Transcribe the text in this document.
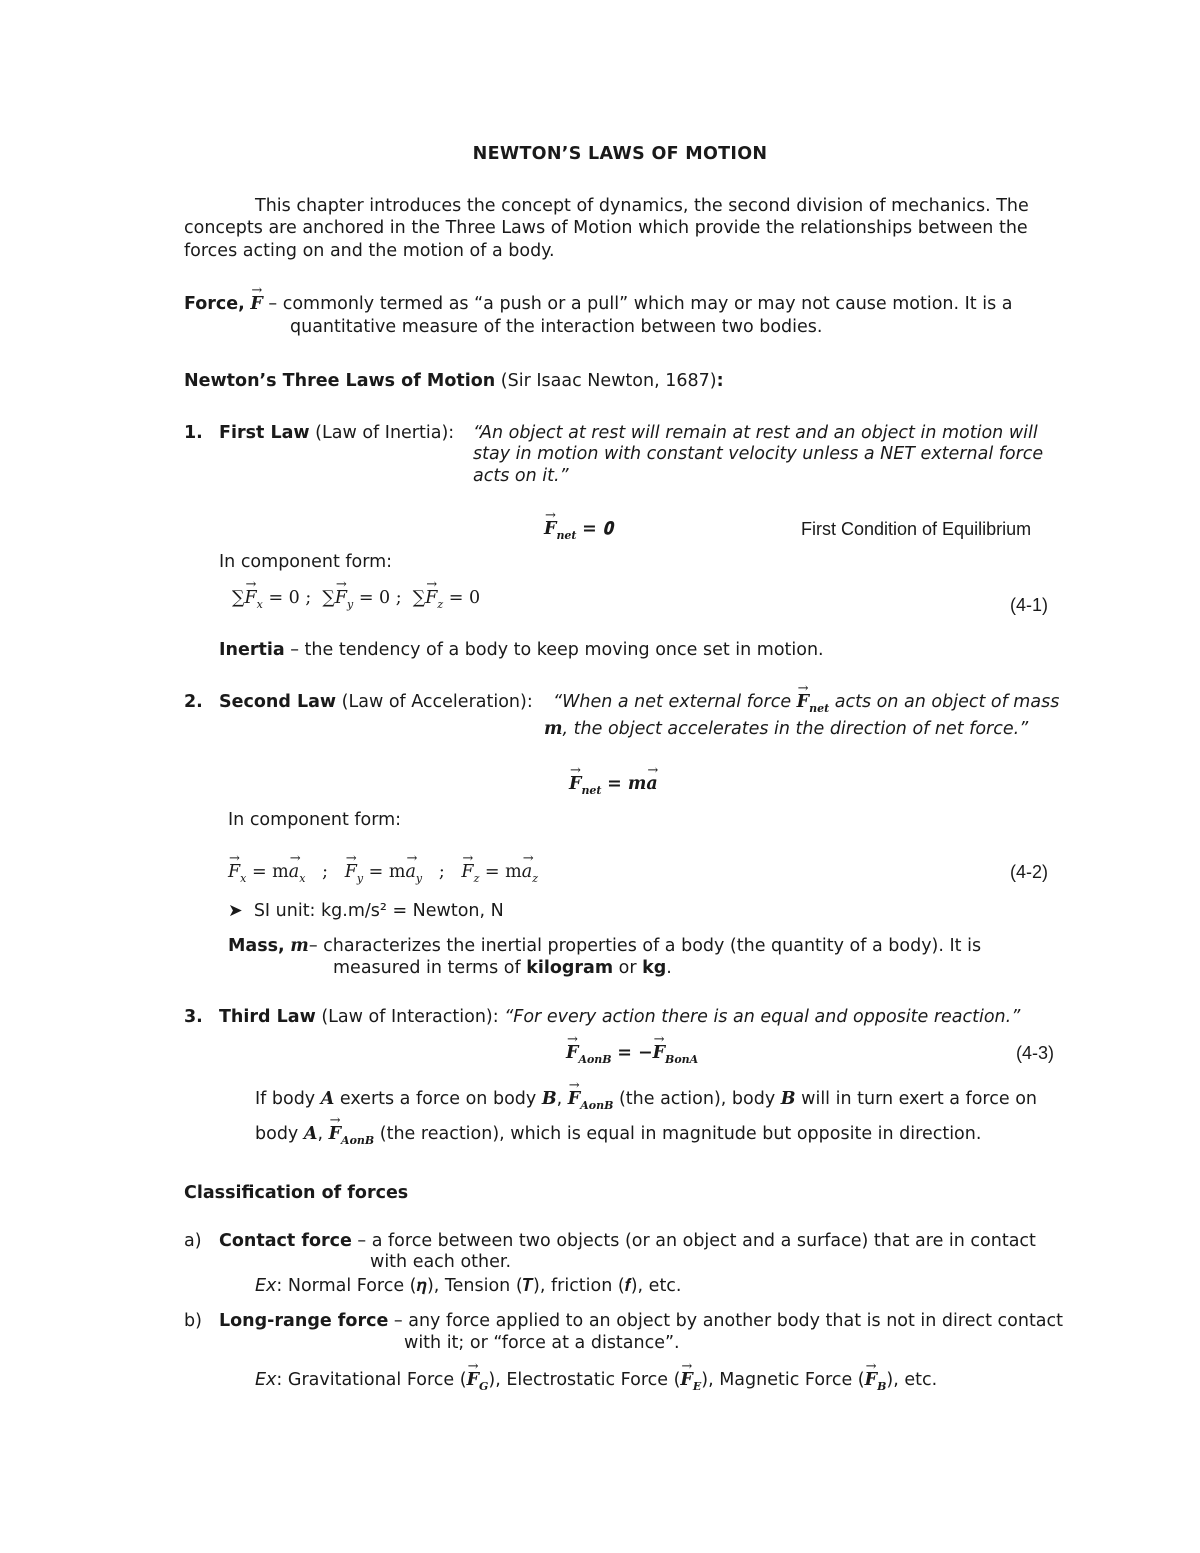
NEWTON’S LAWS OF MOTION
This chapter introduces the concept of dynamics, the second division of mechanics. The
concepts are anchored in the Three Laws of Motion which provide the relationships between the
forces acting on and the motion of a body.
Force,
→
F – commonly termed as “a push or a pull” which may or may not cause motion. It is a
quantitative measure of the interaction between two bodies.
Newton’s Three Laws of Motion (Sir Isaac Newton, 1687):
1. First Law (Law of Inertia): “An object at rest will remain at rest and an object in motion will
stay in motion with constant velocity unless a NET external force
acts on it.”
→
$F_{net}$ = 𝟎	First Condition of Equilibrium
In component form:
∑
→
$F_x = 0$ ;  ∑
→
$F_y = 0$ ;  ∑
→
$F_z = 0$	(4-1)
Inertia – the tendency of a body to keep moving once set in motion.
2. Second Law (Law of Acceleration): “When a net external force
→
$F_{net}$ acts on an object of mass
m, the object accelerates in the direction of net force.”
→
$F_{net} = m$
→
a
In component form:
→
$F_x = m$
→
$a_x$   ;
→
$F_y = m$
→
$a_y$   ;
→
$F_z = m$
→
$a_z$	(4-2)
➤ SI unit: kg.m/s² = Newton, N
Mass, m– characterizes the inertial properties of a body (the quantity of a body). It is
measured in terms of kilogram or kg.
3. Third Law (Law of Interaction): “For every action there is an equal and opposite reaction.”
→
$F_{AonB}$ = −
→
$F_{BonA}$	(4-3)
If body A exerts a force on body B,
→
$F_{AonB}$ (the action), body B will in turn exert a force on
body A,
→
$F_{AonB}$ (the reaction), which is equal in magnitude but opposite in direction.
Classification of forces
a) Contact force – a force between two objects (or an object and a surface) that are in contact
with each other.
Ex: Normal Force (𝜼), Tension (𝑻), friction (𝒇), etc.
b) Long-range force – any force applied to an object by another body that is not in direct contact
with it; or “force at a distance”.
Ex: Gravitational Force (
→
$F_G$), Electrostatic Force (
→
$F_E$), Magnetic Force (
→
$F_B$), etc.
